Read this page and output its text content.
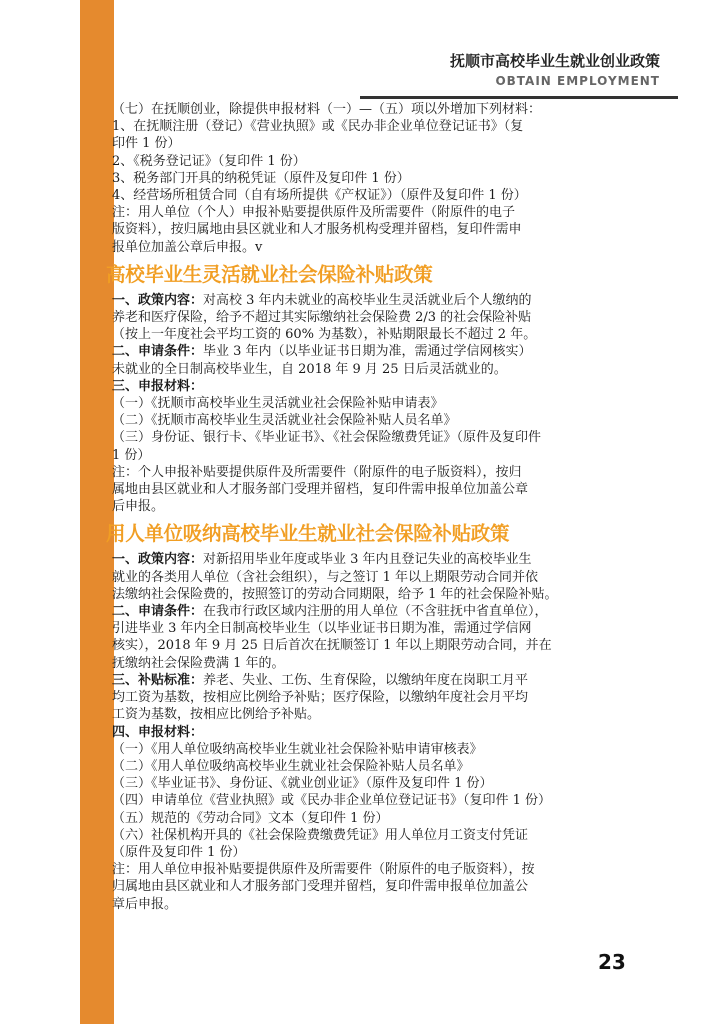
抚顺市高校毕业生就业创业政策
OBTAIN EMPLOYMENT
（七）在抚顺创业，除提供申报材料（一）—（五）项以外增加下列材料：
1、在抚顺注册（登记）《营业执照》或《民办非企业单位登记证书》（复
印件 1 份）
2、《税务登记证》（复印件 1 份）
3、税务部门开具的纳税凭证（原件及复印件 1 份）
4、经营场所租赁合同（自有场所提供《产权证》）（原件及复印件 1 份）
注：用人单位（个人）申报补贴要提供原件及所需要件（附原件的电子
版资料），按归属地由县区就业和人才服务机构受理并留档，复印件需申
报单位加盖公章后申报。v
高校毕业生灵活就业社会保险补贴政策
一、政策内容：对高校 3 年内未就业的高校毕业生灵活就业后个人缴纳的
养老和医疗保险，给予不超过其实际缴纳社会保险费 2/3 的社会保险补贴
（按上一年度社会平均工资的 60% 为基数），补贴期限最长不超过 2 年。
二、申请条件：毕业 3 年内（以毕业证书日期为准，需通过学信网核实）
未就业的全日制高校毕业生，自 2018 年 9 月 25 日后灵活就业的。
三、申报材料：
（一）《抚顺市高校毕业生灵活就业社会保险补贴申请表》
（二）《抚顺市高校毕业生灵活就业社会保险补贴人员名单》
（三）身份证、银行卡、《毕业证书》、《社会保险缴费凭证》（原件及复印件
1 份）
注：个人申报补贴要提供原件及所需要件（附原件的电子版资料），按归
属地由县区就业和人才服务部门受理并留档，复印件需申报单位加盖公章
后申报。
用人单位吸纳高校毕业生就业社会保险补贴政策
一、政策内容：对新招用毕业年度或毕业 3 年内且登记失业的高校毕业生
就业的各类用人单位（含社会组织），与之签订 1 年以上期限劳动合同并依
法缴纳社会保险费的，按照签订的劳动合同期限，给予 1 年的社会保险补贴。
二、申请条件：在我市行政区域内注册的用人单位（不含驻抚中省直单位），
引进毕业 3 年内全日制高校毕业生（以毕业证书日期为准，需通过学信网
核实），2018 年 9 月 25 日后首次在抚顺签订 1 年以上期限劳动合同，并在
抚缴纳社会保险费满 1 年的。
三、补贴标准：养老、失业、工伤、生育保险，以缴纳年度在岗职工月平
均工资为基数，按相应比例给予补贴；医疗保险，以缴纳年度社会月平均
工资为基数，按相应比例给予补贴。
四、申报材料：
（一）《用人单位吸纳高校毕业生就业社会保险补贴申请审核表》
（二）《用人单位吸纳高校毕业生就业社会保险补贴人员名单》
（三）《毕业证书》、身份证、《就业创业证》（原件及复印件 1 份）
（四）申请单位《营业执照》或《民办非企业单位登记证书》（复印件 1 份）
（五）规范的《劳动合同》文本（复印件 1 份）
（六）社保机构开具的《社会保险费缴费凭证》用人单位月工资支付凭证
（原件及复印件 1 份）
注：用人单位申报补贴要提供原件及所需要件（附原件的电子版资料），按
归属地由县区就业和人才服务部门受理并留档，复印件需申报单位加盖公
章后申报。
23
